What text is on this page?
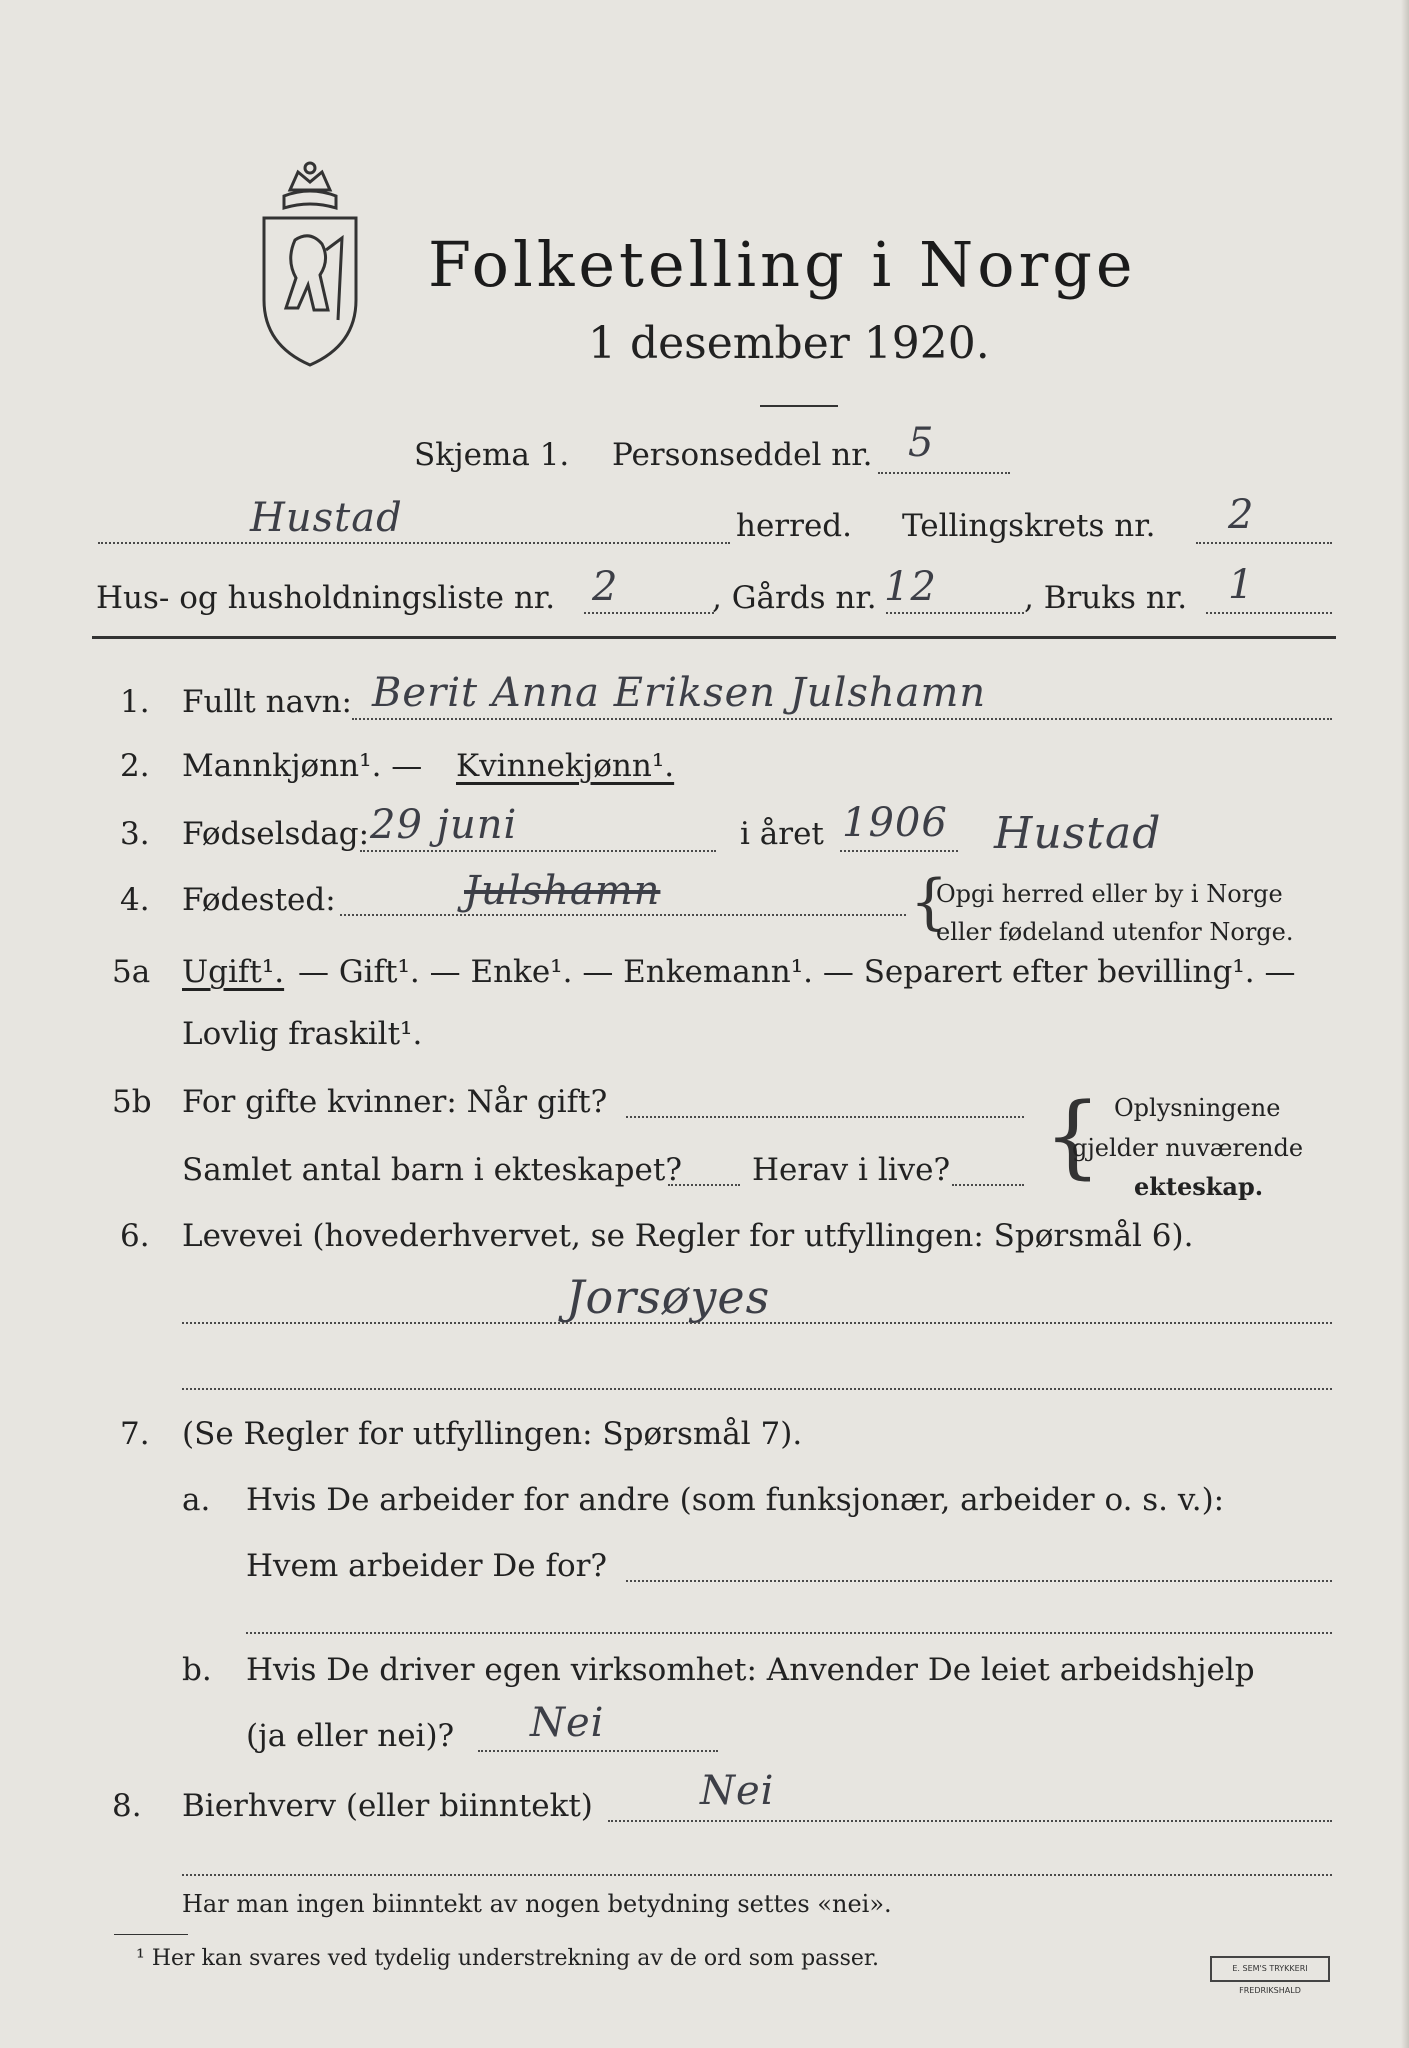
Folketelling i Norge
1 desember 1920.
Skjema 1. Personseddel nr. 5
Hustad	herred. Tellingskrets nr. 2
Hus- og husholdningsliste nr. 2	, Gårds nr. 12	, Bruks nr. 1
1. Fullt navn: Berit Anna Eriksen Julshamn
2. Mannkjønn¹. — Kvinnekjønn¹.
3. Fødselsdag: 29 juni	i året 1906 Hustad
4. Fødested:	Julshamn	{
Opgi herred eller by i Norge
eller fødeland utenfor Norge.
5a Ugift¹. — Gift¹. — Enke¹. — Enkemann¹. — Separert efter bevilling¹. —
Lovlig fraskilt¹.
5b For gifte kvinner: Når gift?
Samlet antal barn i ekteskapet? Herav i live? { Oplysningene
gjelder nuværende
ekteskap.
6. Levevei (hovederhvervet, se Regler for utfyllingen: Spørsmål 6).
Jorsøyes
7. (Se Regler for utfyllingen: Spørsmål 7).
a. Hvis De arbeider for andre (som funksjonær, arbeider o. s. v.):
Hvem arbeider De for?
b. Hvis De driver egen virksomhet: Anvender De leiet arbeidshjelp
(ja eller nei)? Nei
8. Bierhverv (eller biinntekt)	Nei
Har man ingen biinntekt av nogen betydning settes «nei».
¹ Her kan svares ved tydelig understrekning av de ord som passer.	E. SEM'S TRYKKERI FREDRIKSHALD
